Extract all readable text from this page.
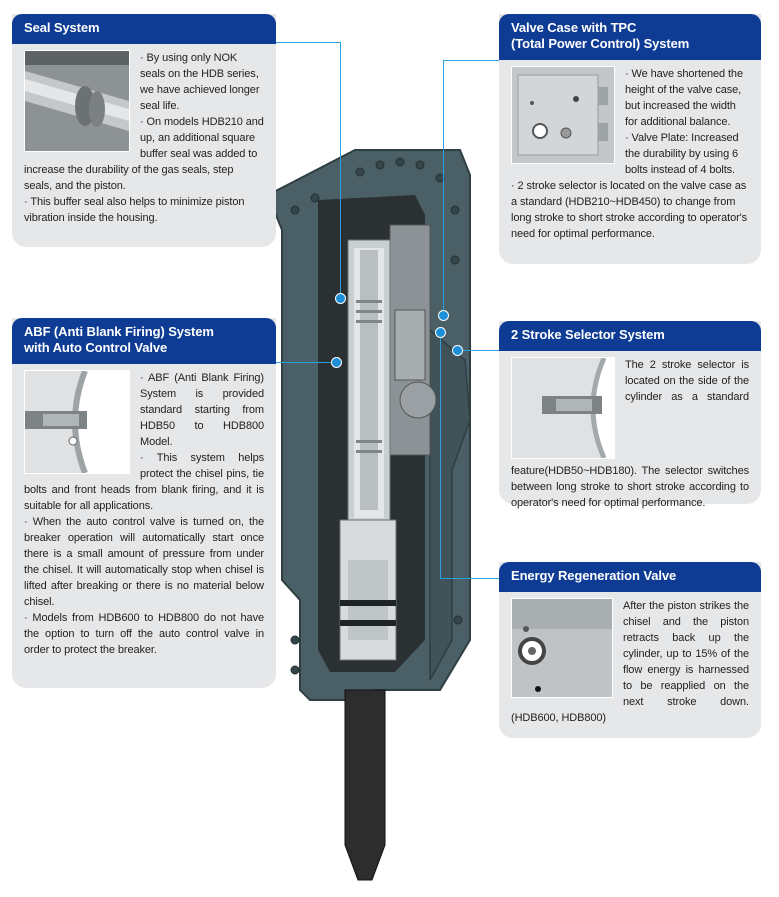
Seal System
· By using only NOK seals on the HDB series, we have achieved longer seal life.
· On models HDB210 and up, an additional square buffer seal was added to increase the durability of the gas seals, step seals, and the piston.
· This buffer seal also helps to minimize piston vibration inside the housing.
ABF (Anti Blank Firing) System
with Auto Control Valve
· ABF (Anti Blank Firing) System is provided standard starting from HDB50 to HDB800 Model.
· This system helps protect the chisel pins, tie bolts and front heads from blank firing, and it is suitable for all applications.
· When the auto control valve is turned on, the breaker operation will automatically start once there is a small amount of pressure from under the chisel. It will automatically stop when chisel is lifted after breaking or there is no material below chisel.
· Models from HDB600 to HDB800 do not have the option to turn off the auto control valve in order to protect the breaker.
Valve Case with TPC
(Total Power Control) System
· We have shortened the height of the valve case, but increased the width for additional balance.
· Valve Plate: Increased the durability by using 6 bolts instead of 4 bolts.
· 2 stroke selector is located on the valve case as a standard (HDB210~HDB450) to change from long stroke to short stroke according to operator's need for optimal performance.
2 Stroke Selector System
The 2 stroke selector is located on the side of the cylinder as a standard feature(HDB50~HDB180). The selector switches between long stroke to short stroke according to operator's need for optimal performance.
Energy Regeneration Valve
After the piston strikes the chisel and the piston retracts back up the cylinder, up to 15% of the flow energy is harnessed to be reapplied on the next stroke down. (HDB600, HDB800)
